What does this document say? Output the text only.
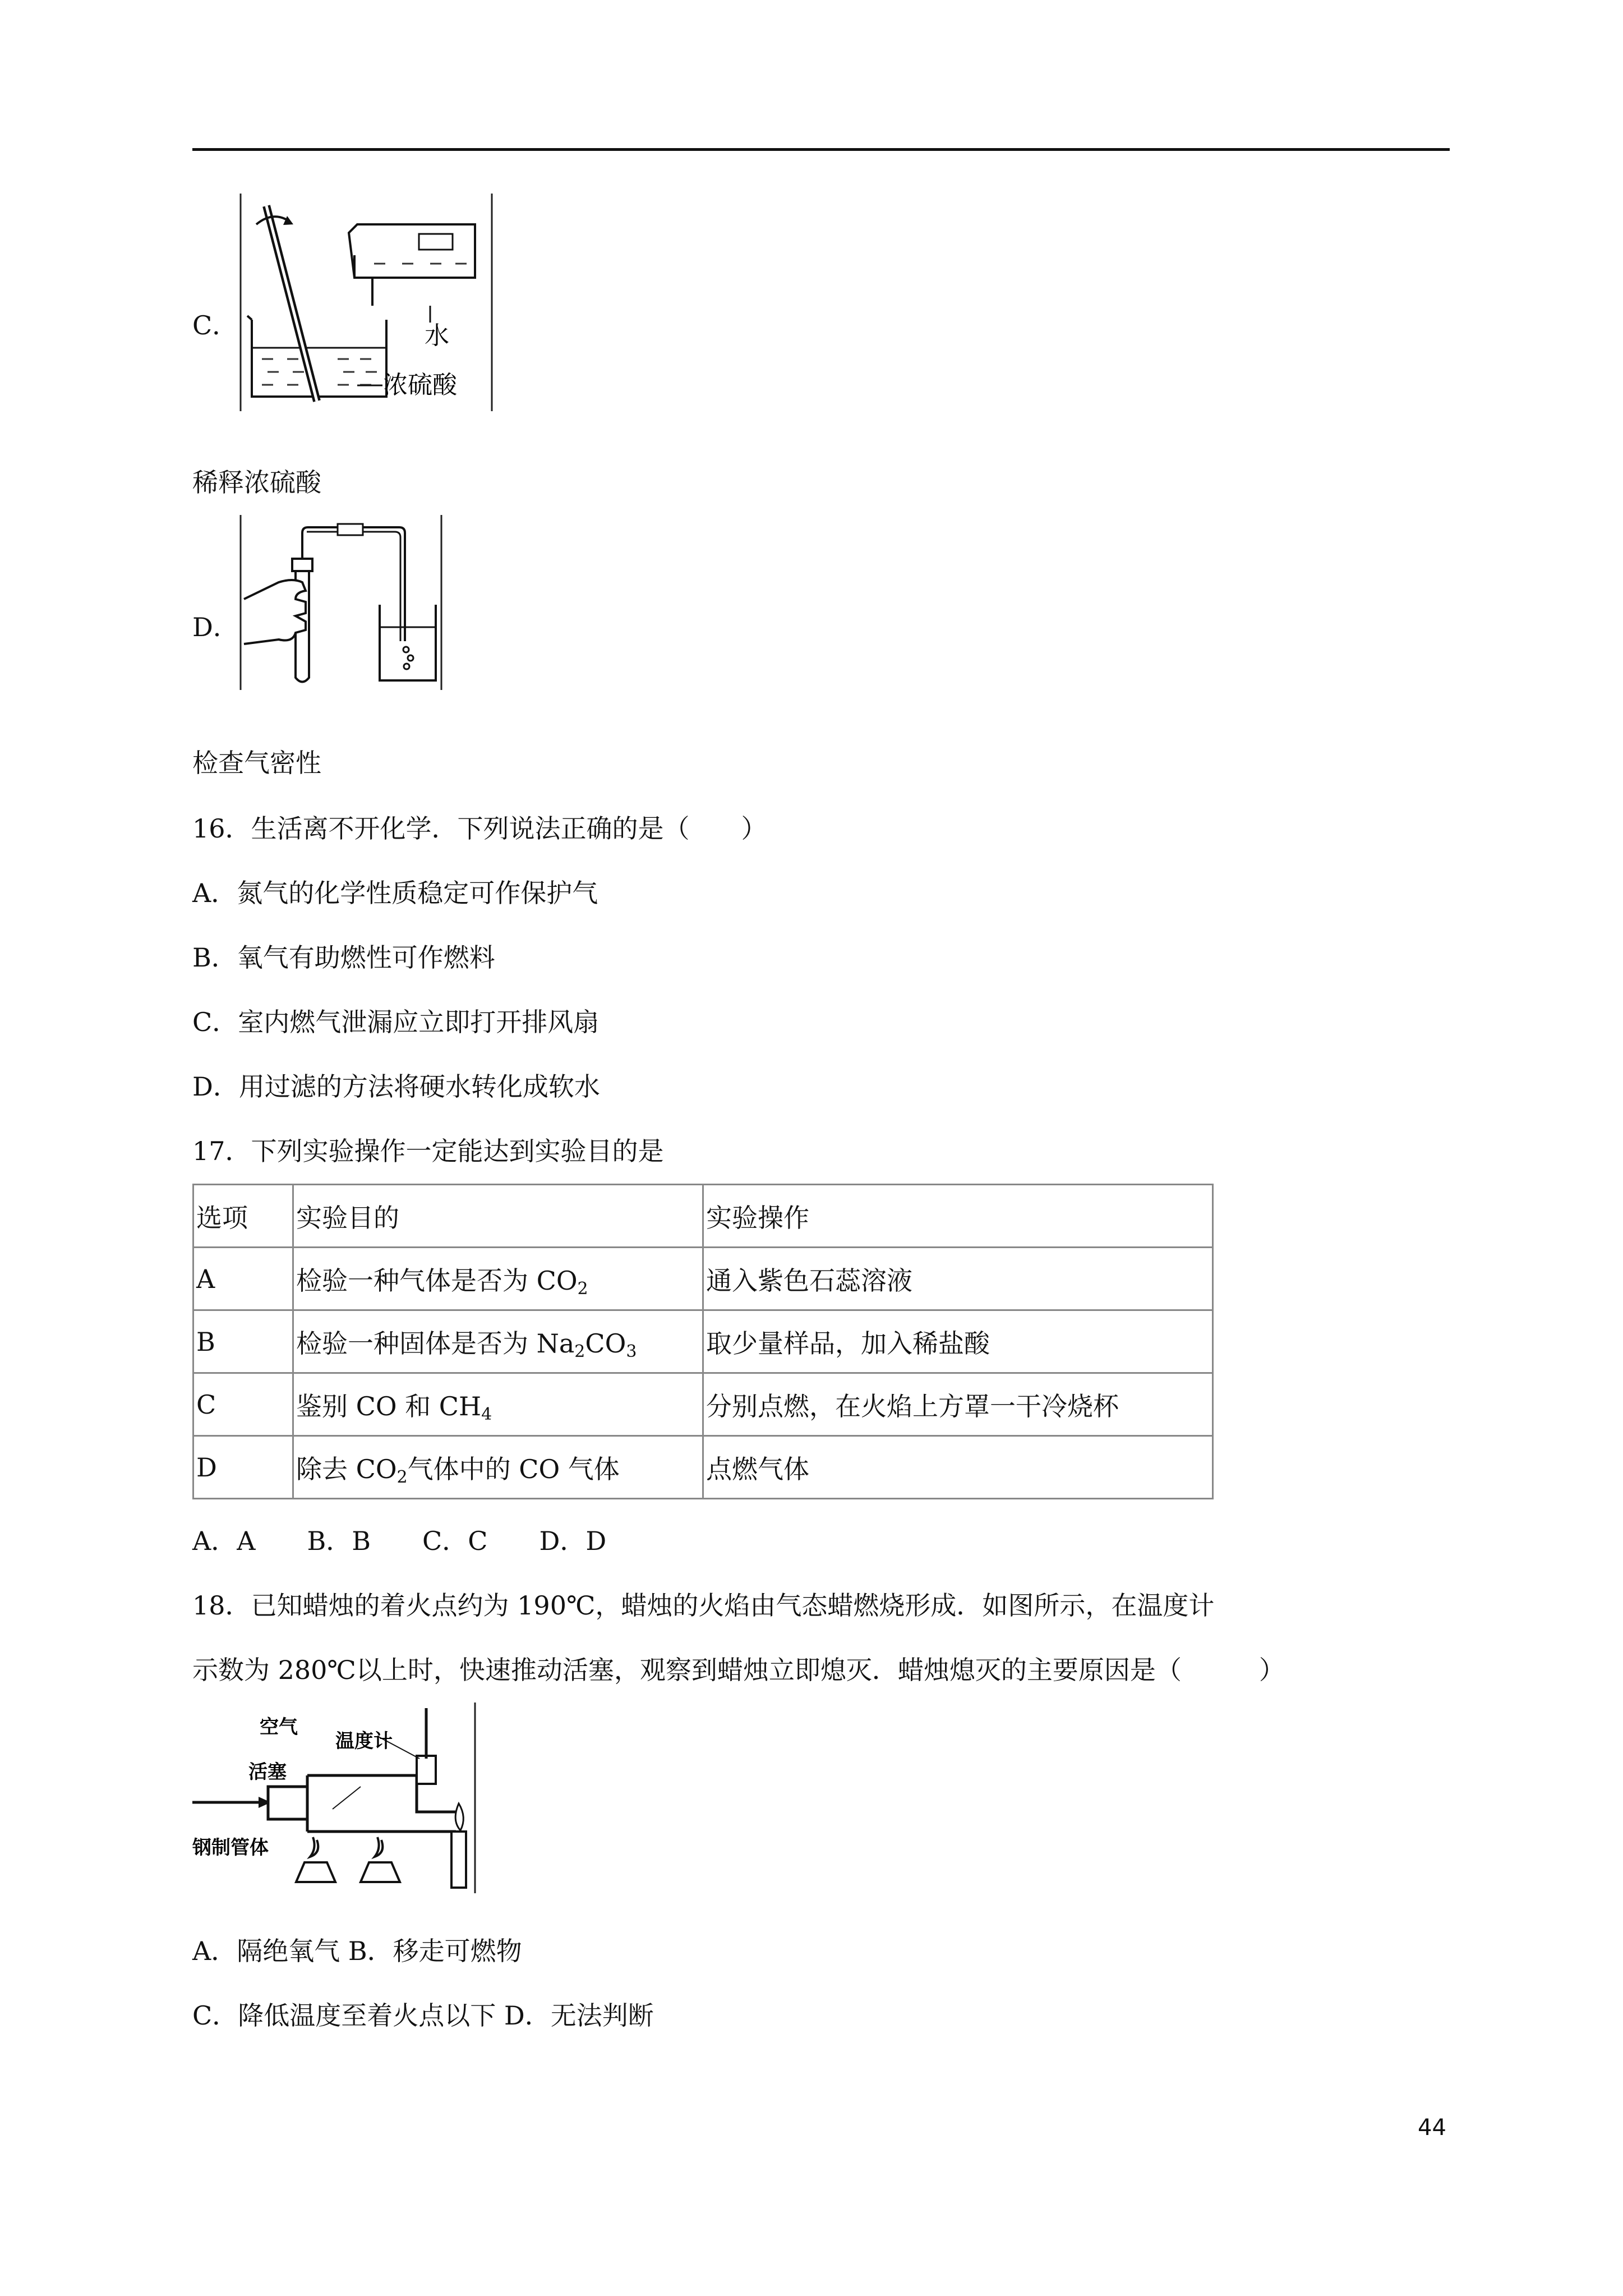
C．	水
浓硫酸
稀释浓硫酸
D．
检查气密性
16．生活离不开化学．下列说法正确的是（　　）
A．氮气的化学性质稳定可作保护气
B．氧气有助燃性可作燃料
C．室内燃气泄漏应立即打开排风扇
D．用过滤的方法将硬水转化成软水
17．下列实验操作一定能达到实验目的是
选项	实验目的	实验操作
A	检验一种气体是否为 $CO_2$	通入紫色石蕊溶液
B	检验一种固体是否为 $Na_2CO_3$	取少量样品，加入稀盐酸
C	鉴别 CO 和 $CH_4$	分别点燃，在火焰上方罩一干冷烧杯
D	除去 $CO_2$气体中的 CO 气体	点燃气体
A．A　　B．B　　C．C　　D．D
18．已知蜡烛的着火点约为 190℃，蜡烛的火焰由气态蜡燃烧形成．如图所示，在温度计
示数为 280℃以上时，快速推动活塞，观察到蜡烛立即熄灭．蜡烛熄灭的主要原因是（　　　）
空气
温度计
活塞
钢制管体
A．隔绝氧气 B．移走可燃物
C．降低温度至着火点以下 D．无法判断
44
